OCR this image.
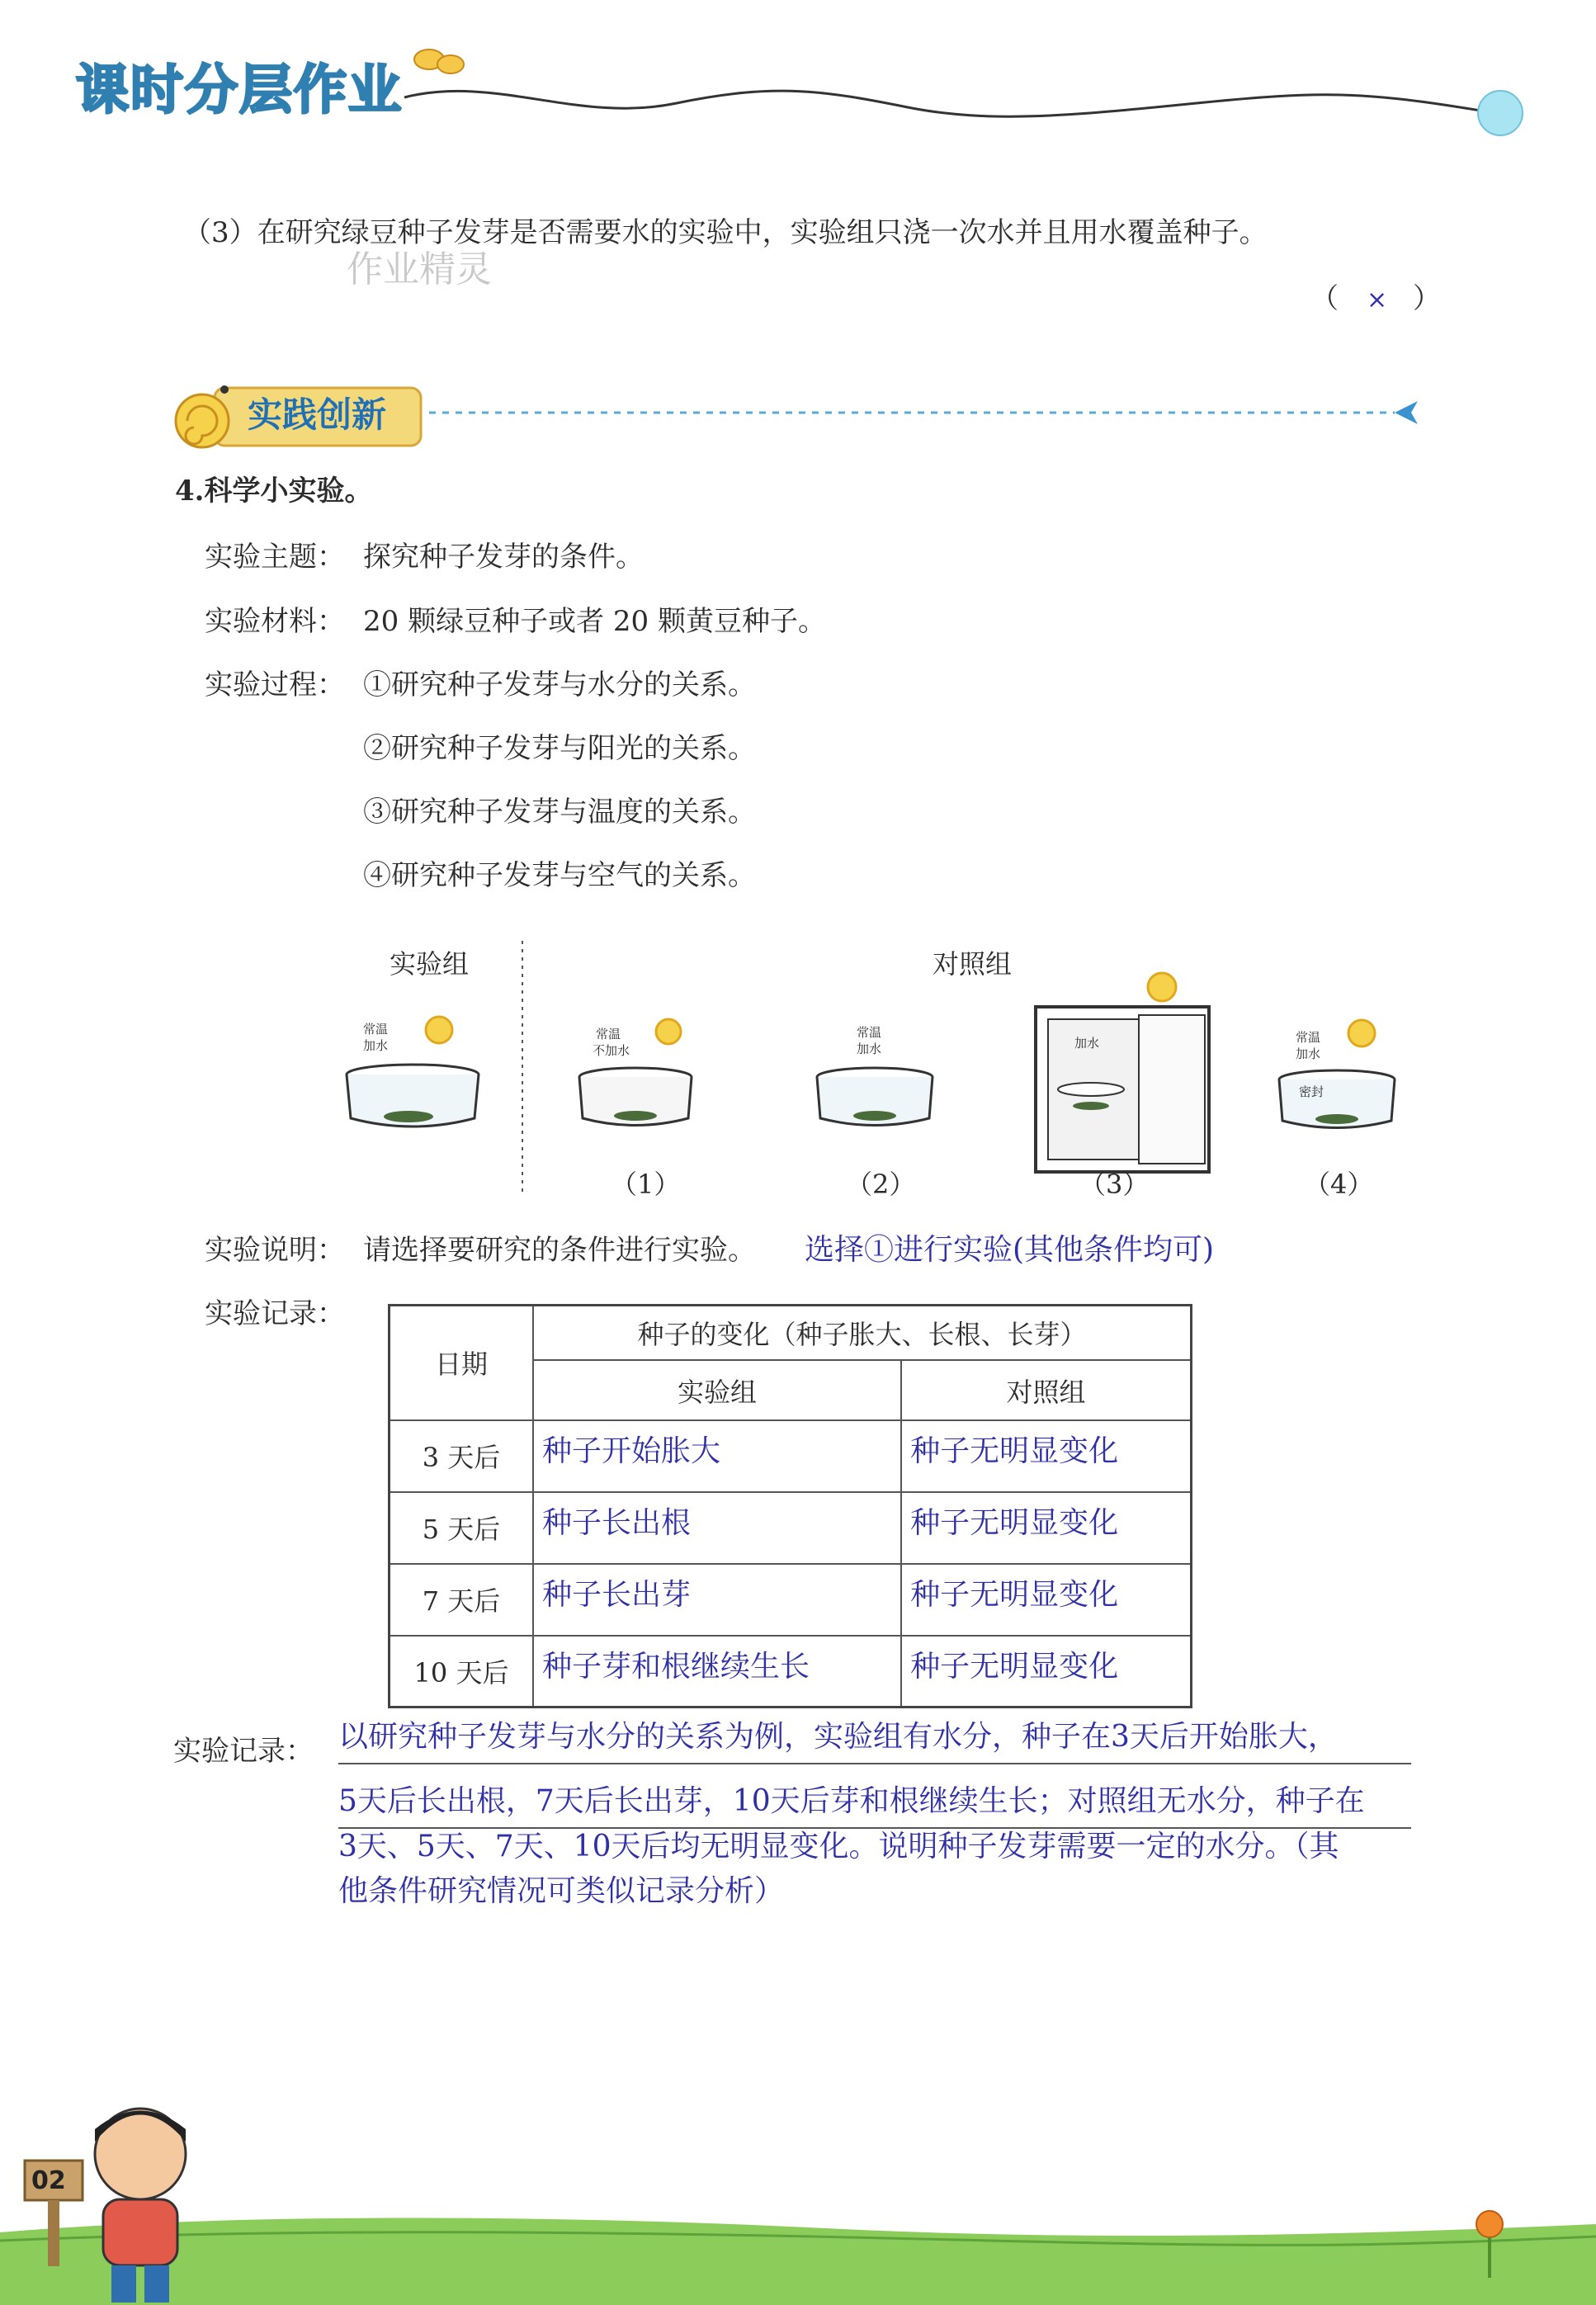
课时分层作业
（3）在研究绿豆种子发芽是否需要水的实验中，实验组只浇一次水并且用水覆盖种子。
作业精灵
（ × ）
实践创新
4.科学小实验。
实验主题： 探究种子发芽的条件。
实验材料： 20 颗绿豆种子或者 20 颗黄豆种子。
实验过程： ①研究种子发芽与水分的关系。
②研究种子发芽与阳光的关系。
③研究种子发芽与温度的关系。
④研究种子发芽与空气的关系。
实验组	对照组
常温
加水
常温
不加水
常温
加水	加水	常温
加水
密封
（1）	（2）	（3）	（4）
实验说明： 请选择要研究的条件进行实验。 选择①进行实验(其他条件均可)
实验记录：
日期	种子的变化（种子胀大、长根、长芽）	
	实验组	对照组
3 天后	种子开始胀大	种子无明显变化
5 天后	种子长出根	种子无明显变化
7 天后	种子长出芽	种子无明显变化
10 天后	种子芽和根继续生长	种子无明显变化
实验记录： 以研究种子发芽与水分的关系为例，实验组有水分，种子在3天后开始胀大，
5天后长出根，7天后长出芽，10天后芽和根继续生长；对照组无水分，种子在
3天、5天、7天、10天后均无明显变化。说明种子发芽需要一定的水分。（其
他条件研究情况可类似记录分析）
02
